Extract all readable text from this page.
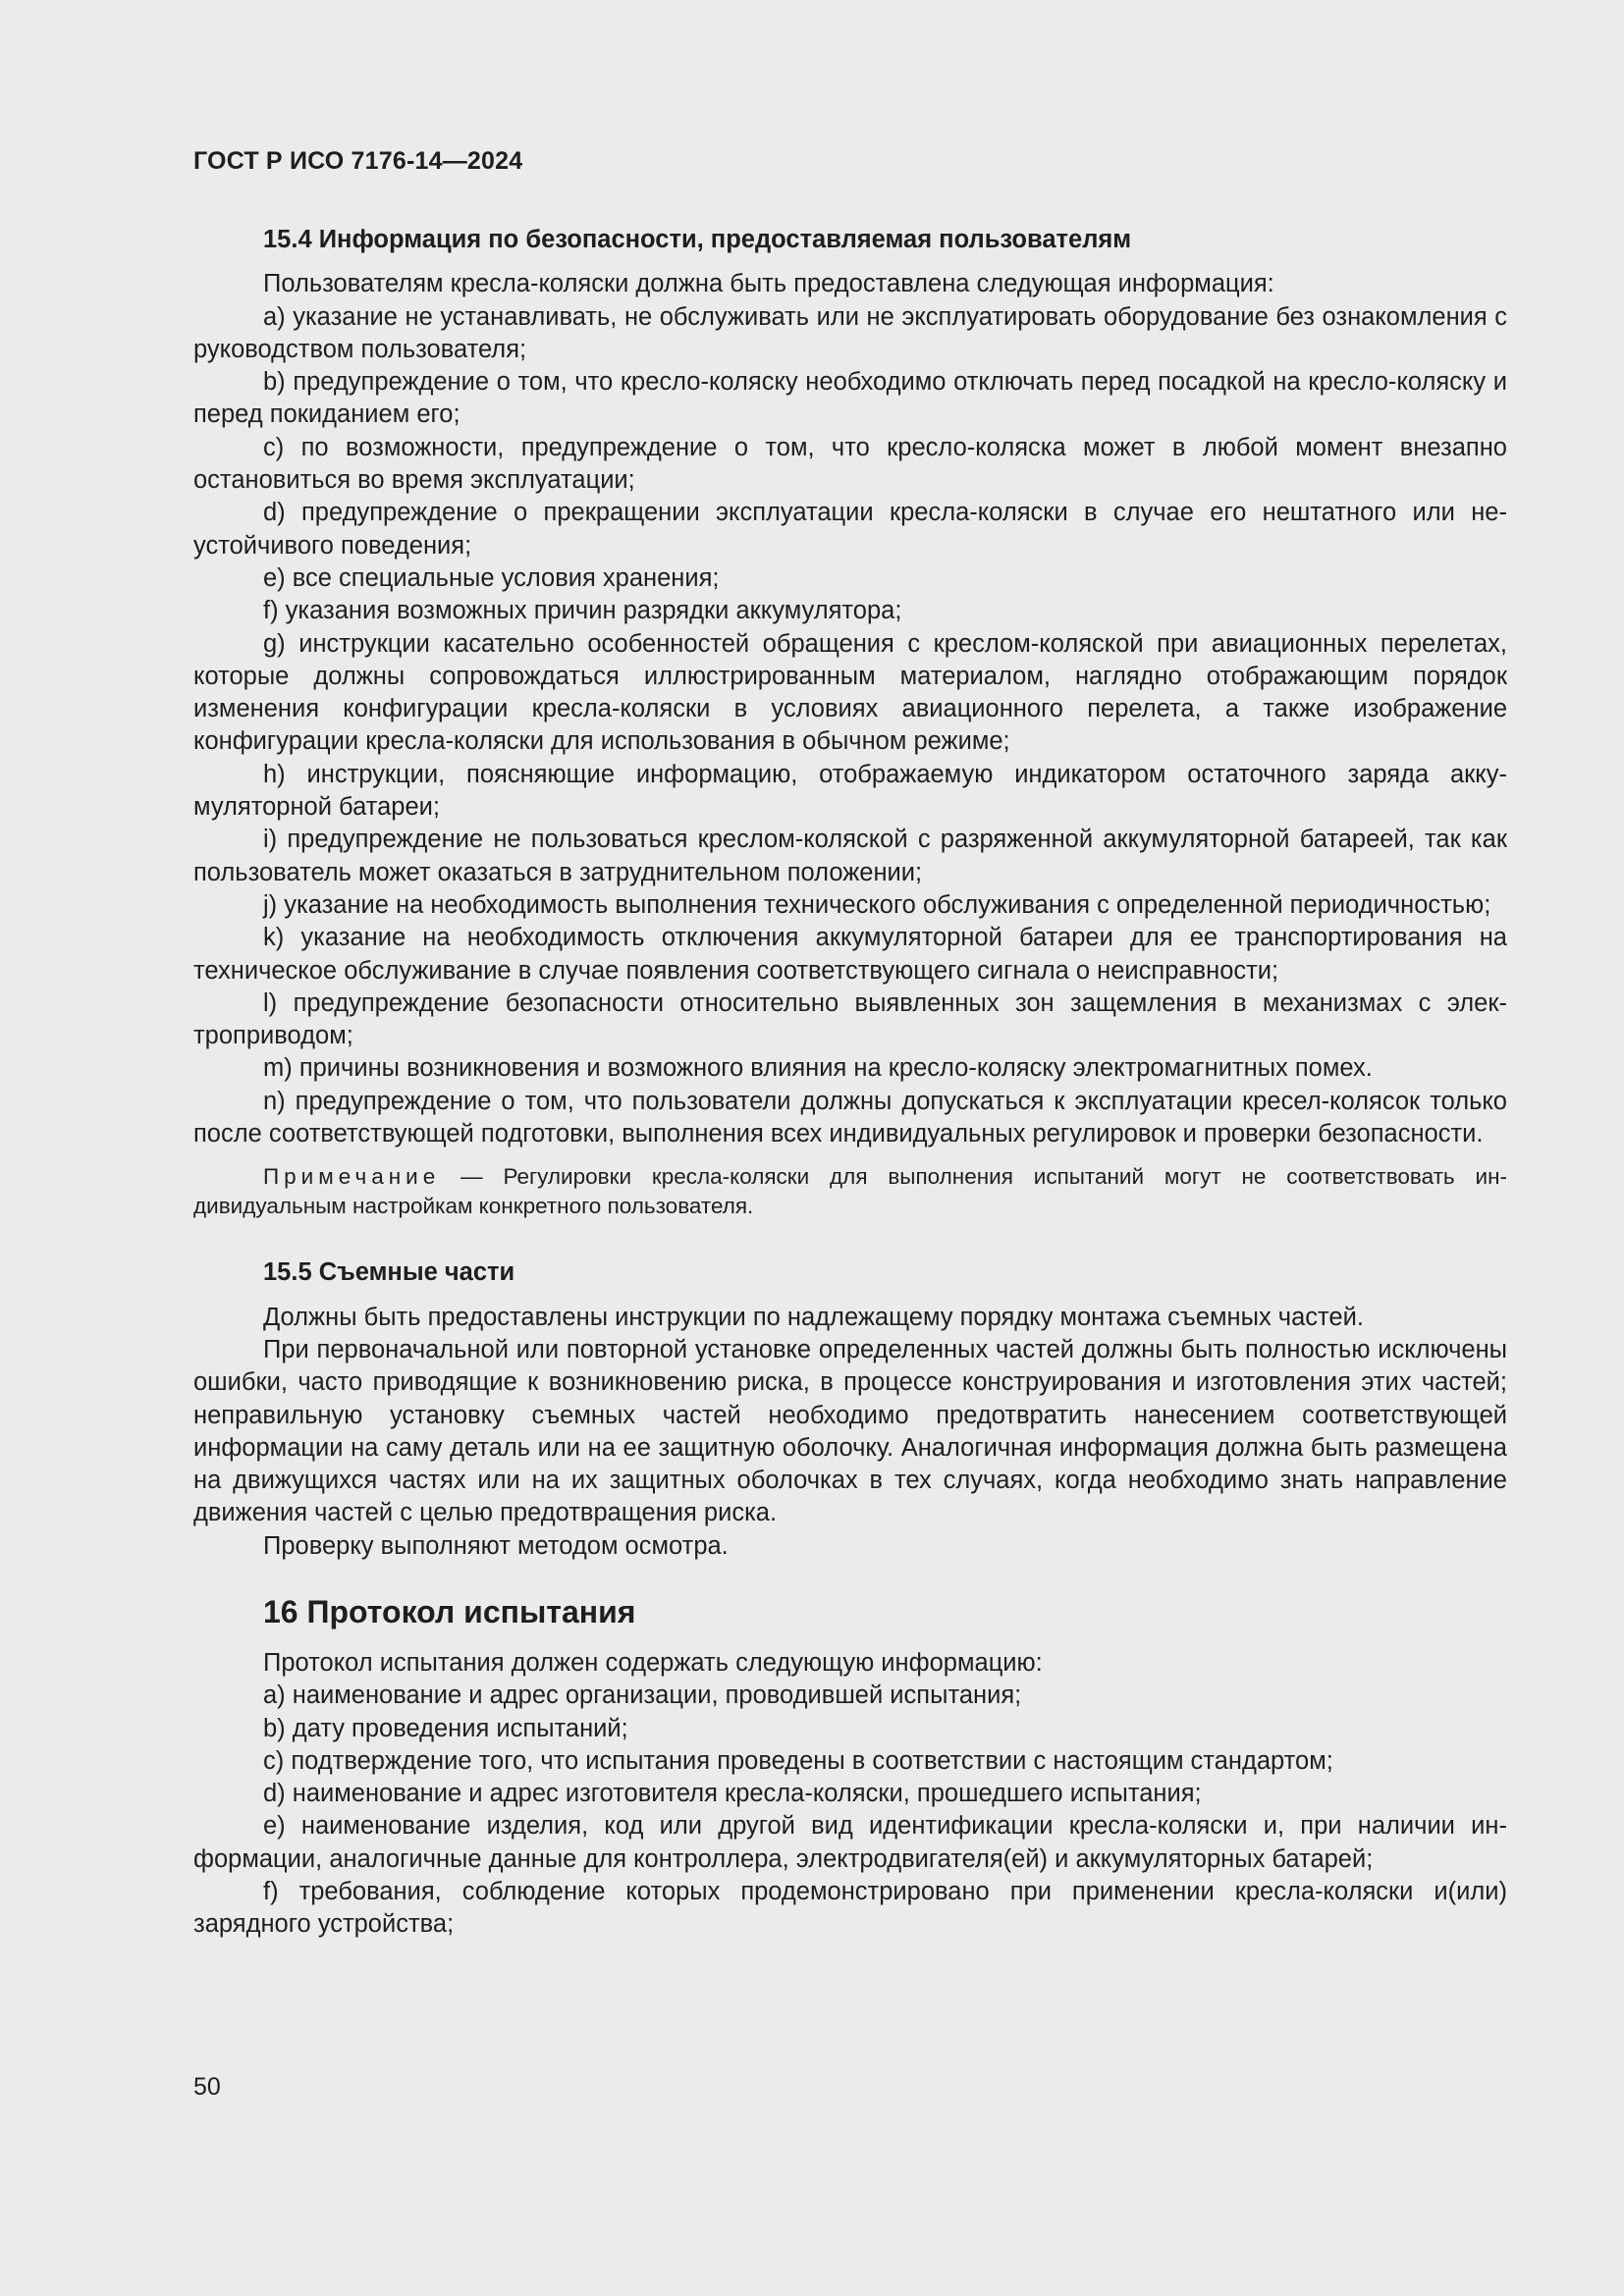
ГОСТ Р ИСО 7176-14—2024
15.4 Информация по безопасности, предоставляемая пользователям

Пользователям кресла-коляски должна быть предоставлена следующая информация:

a) указание не устанавливать, не обслуживать или не эксплуатировать оборудование без ознакомления с руководством пользователя;

b) предупреждение о том, что кресло-коляску необходимо отключать перед посадкой на кресло-коляску и перед покиданием его;

c) по возможности, предупреждение о том, что кресло-коляска может в любой момент внезапно остановиться во время эксплуатации;

d) предупреждение о прекращении эксплуатации кресла-коляски в случае его нештатного или неустойчивого поведения;

e) все специальные условия хранения;

f) указания возможных причин разрядки аккумулятора;

g) инструкции касательно особенностей обращения с креслом-коляской при авиационных перелетах, которые должны сопровождаться иллюстрированным материалом, наглядно отображающим порядок изменения конфигурации кресла-коляски в условиях авиационного перелета, а также изображение конфигурации кресла-коляски для использования в обычном режиме;

h) инструкции, поясняющие информацию, отображаемую индикатором остаточного заряда аккумуляторной батареи;

i) предупреждение не пользоваться креслом-коляской с разряженной аккумуляторной батареей, так как пользователь может оказаться в затруднительном положении;

j) указание на необходимость выполнения технического обслуживания с определенной периодичностью;

k) указание на необходимость отключения аккумуляторной батареи для ее транспортирования на техническое обслуживание в случае появления соответствующего сигнала о неисправности;

l) предупреждение безопасности относительно выявленных зон защемления в механизмах с электроприводом;

m) причины возникновения и возможного влияния на кресло-коляску электромагнитных помех.

n) предупреждение о том, что пользователи должны допускаться к эксплуатации кресел-колясок только после соответствующей подготовки, выполнения всех индивидуальных регулировок и проверки безопасности.

Примечание — Регулировки кресла-коляски для выполнения испытаний могут не соответствовать индивидуальным настройкам конкретного пользователя.
15.5 Съемные части

Должны быть предоставлены инструкции по надлежащему порядку монтажа съемных частей.

При первоначальной или повторной установке определенных частей должны быть полностью исключены ошибки, часто приводящие к возникновению риска, в процессе конструирования и изготовления этих частей; неправильную установку съемных частей необходимо предотвратить нанесением соответствующей информации на саму деталь или на ее защитную оболочку. Аналогичная информация должна быть размещена на движущихся частях или на их защитных оболочках в тех случаях, когда необходимо знать направление движения частей с целью предотвращения риска.

Проверку выполняют методом осмотра.

16 Протокол испытания

Протокол испытания должен содержать следующую информацию:

a) наименование и адрес организации, проводившей испытания;

b) дату проведения испытаний;

c) подтверждение того, что испытания проведены в соответствии с настоящим стандартом;

d) наименование и адрес изготовителя кресла-коляски, прошедшего испытания;

e) наименование изделия, код или другой вид идентификации кресла-коляски и, при наличии информации, аналогичные данные для контроллера, электродвигателя(ей) и аккумуляторных батарей;

f) требования, соблюдение которых продемонстрировано при применении кресла-коляски и(или) зарядного устройства;

50
